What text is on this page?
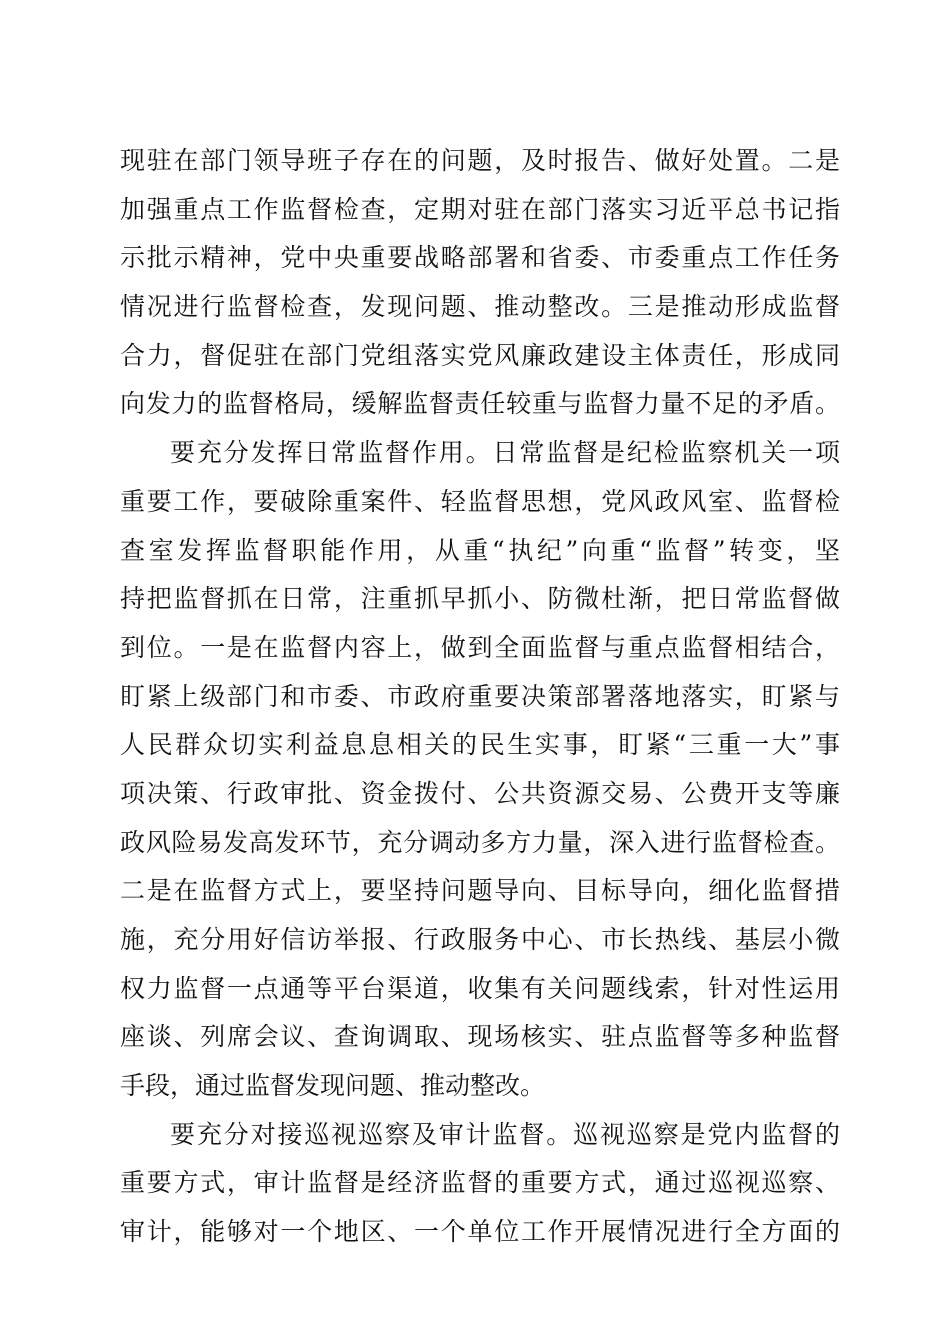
现驻在部门领导班子存在的问题，及时报告、做好处置。二是
加强重点工作监督检查，定期对驻在部门落实习近平总书记指
示批示精神，党中央重要战略部署和省委、市委重点工作任务
情况进行监督检查，发现问题、推动整改。三是推动形成监督
合力，督促驻在部门党组落实党风廉政建设主体责任，形成同
向发力的监督格局，缓解监督责任较重与监督力量不足的矛盾。
要充分发挥日常监督作用。日常监督是纪检监察机关一项
重要工作，要破除重案件、轻监督思想，党风政风室、监督检
查室发挥监督职能作用，从重“执纪”向重“监督”转变，坚
持把监督抓在日常，注重抓早抓小、防微杜渐，把日常监督做
到位。一是在监督内容上，做到全面监督与重点监督相结合，
盯紧上级部门和市委、市政府重要决策部署落地落实，盯紧与
人民群众切实利益息息相关的民生实事，盯紧“三重一大”事
项决策、行政审批、资金拨付、公共资源交易、公费开支等廉
政风险易发高发环节，充分调动多方力量，深入进行监督检查。
二是在监督方式上，要坚持问题导向、目标导向，细化监督措
施，充分用好信访举报、行政服务中心、市长热线、基层小微
权力监督一点通等平台渠道，收集有关问题线索，针对性运用
座谈、列席会议、查询调取、现场核实、驻点监督等多种监督
手段，通过监督发现问题、推动整改。
要充分对接巡视巡察及审计监督。巡视巡察是党内监督的
重要方式，审计监督是经济监督的重要方式，通过巡视巡察、
审计，能够对一个地区、一个单位工作开展情况进行全方面的
